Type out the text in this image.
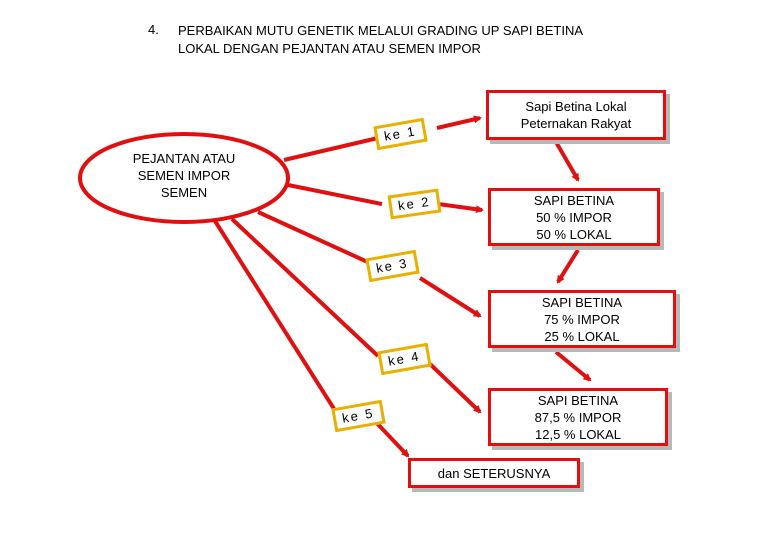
4. PERBAIKAN MUTU GENETIK MELALUI GRADING UP SAPI BETINA
LOKAL DENGAN PEJANTAN ATAU SEMEN IMPOR
PEJANTAN ATAU
SEMEN IMPOR
SEMEN
ke 1
ke 2
ke 3
ke 4
ke 5
Sapi Betina Lokal
Peternakan Rakyat
SAPI BETINA
50 % IMPOR
50 % LOKAL
SAPI BETINA
75 % IMPOR
25 % LOKAL
SAPI BETINA
87,5 % IMPOR
12,5 % LOKAL
dan SETERUSNYA
